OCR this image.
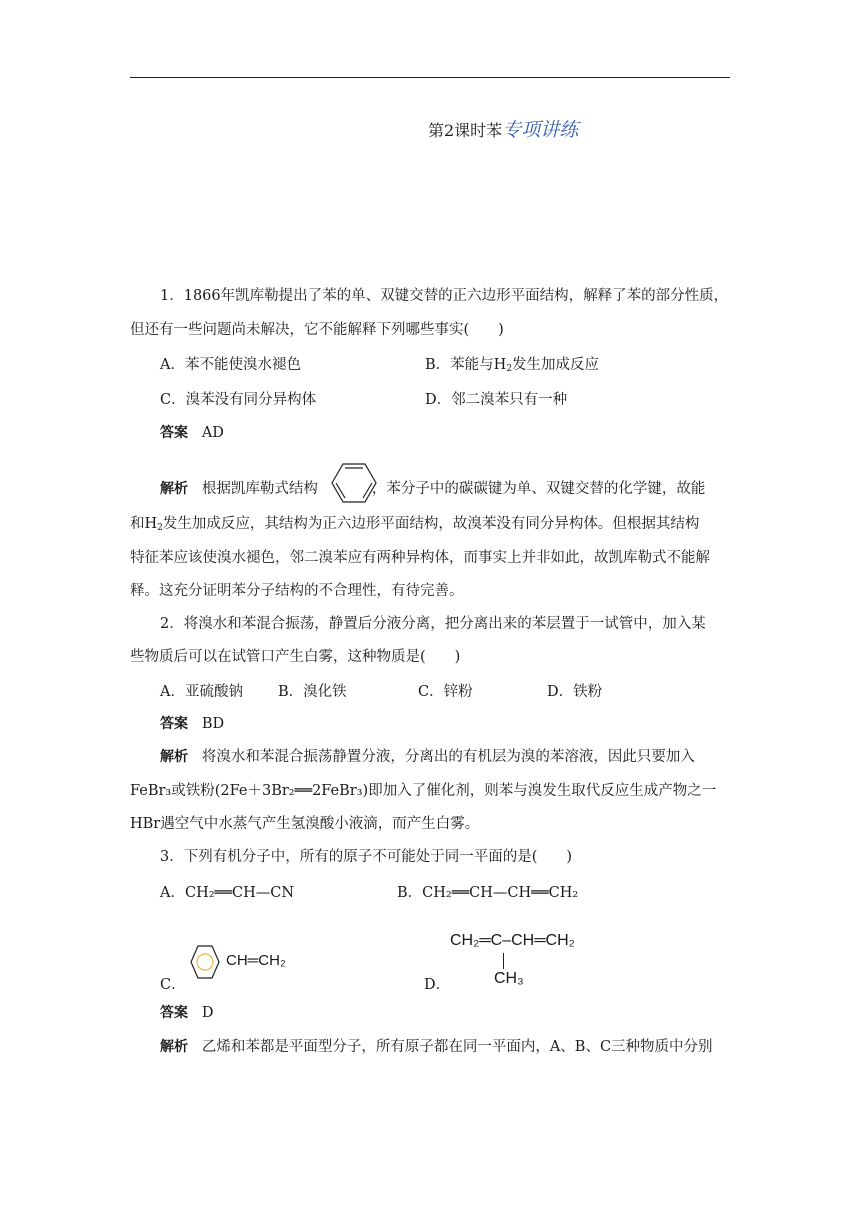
第2课时苯专项讲练
1．1866年凯库勒提出了苯的单、双键交替的正六边形平面结构，解释了苯的部分性质，
但还有一些问题尚未解决，它不能解释下列哪些事实(　　)
A．苯不能使溴水褪色	B．苯能与$H_2$发生加成反应
C．溴苯没有同分异构体	D．邻二溴苯只有一种
答案 AD
解析 根据凯库勒式结构	，苯分子中的碳碳键为单、双键交替的化学键，故能
和$H_2$发生加成反应，其结构为正六边形平面结构，故溴苯没有同分异构体。但根据其结构
特征苯应该使溴水褪色，邻二溴苯应有两种异构体，而事实上并非如此，故凯库勒式不能解
释。这充分证明苯分子结构的不合理性，有待完善。
2．将溴水和苯混合振荡，静置后分液分离，把分离出来的苯层置于一试管中，加入某
些物质后可以在试管口产生白雾，这种物质是(　　)
A．亚硫酸钠 B．溴化铁	C．锌粉	D．铁粉
答案 BD
解析 将溴水和苯混合振荡静置分液，分离出的有机层为溴的苯溶液，因此只要加入
FeBr₃或铁粉(2Fe＋3Br₂══2FeBr₃)即加入了催化剂，则苯与溴发生取代反应生成产物之一
HBr遇空气中水蒸气产生氢溴酸小液滴，而产生白雾。
3．下列有机分子中，所有的原子不可能处于同一平面的是(　　)
A．CH₂══CH—CN	B．CH₂══CH—CH══CH₂
C．
CH═CH₂
D．
CH₂═C–CH═CH₂
CH₃
答案 D
解析 乙烯和苯都是平面型分子，所有原子都在同一平面内，A、B、C三种物质中分别
